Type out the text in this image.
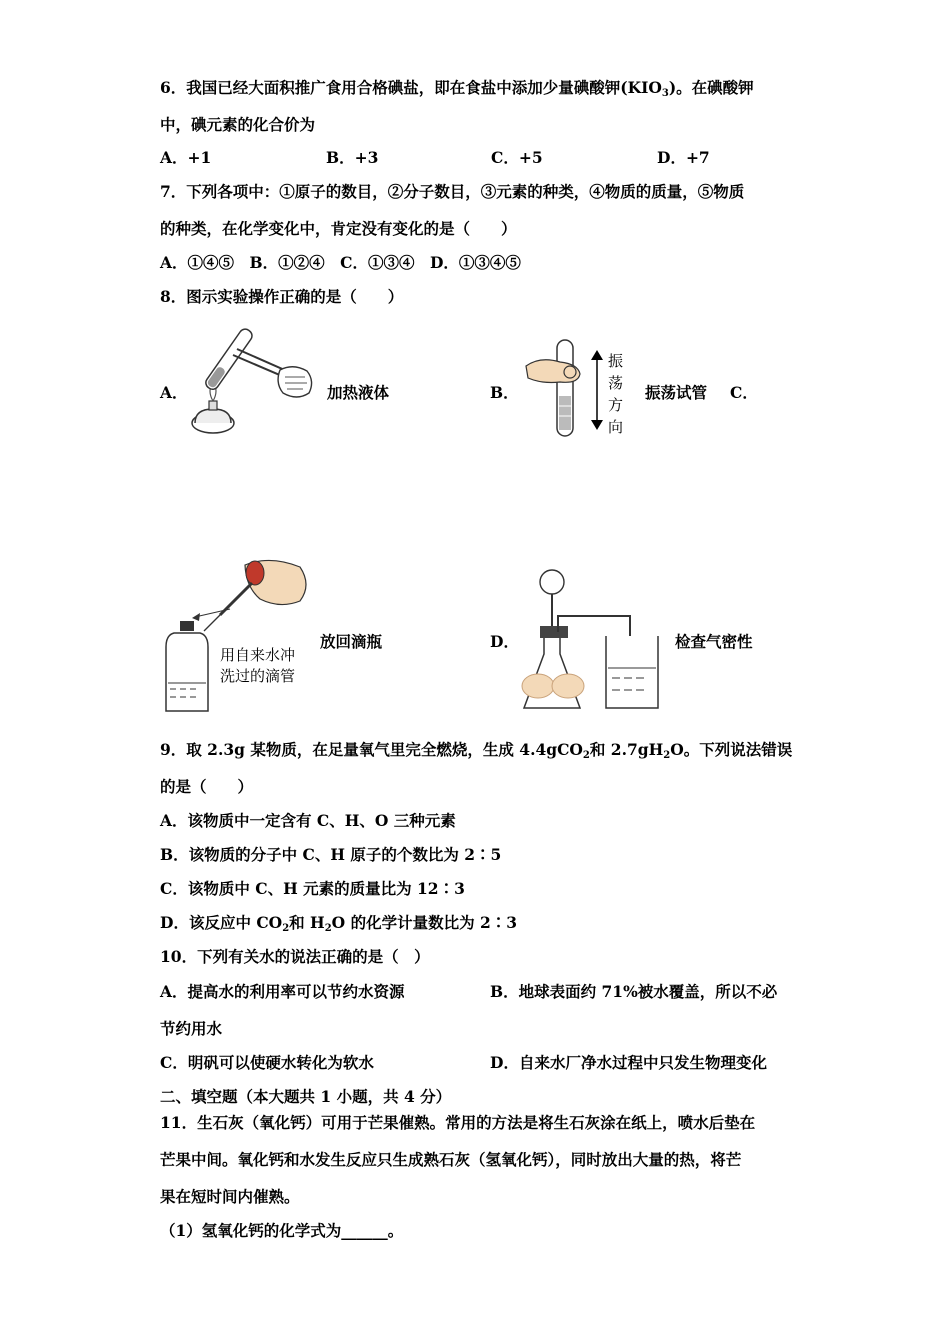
6．我国已经大面积推广食用合格碘盐，即在食盐中添加少量碘酸钾$(KIO_3)$。在碘酸钾
中，碘元素的化合价为
A．+1	B．+3	C．+5	D．+7
7．下列各项中：①原子的数目，②分子数目，③元素的种类，④物质的质量，⑤物质
的种类，在化学变化中，肯定没有变化的是（　　）
A．①④⑤　B．①②④　C．①③④　D．①③④⑤
8．图示实验操作正确的是（　　）
A．	加热液体	B．
振
荡
方
向
振荡试管 C．
用自来水冲
洗过的滴管
放回滴瓶	D．	检查气密性
9．取 2.3g 某物质，在足量氧气里完全燃烧，生成 4.4gCO$_2$和 $2.7gH_2O$。下列说法错误
的是（　　）
A．该物质中一定含有 C、H、O 三种元素
B．该物质的分子中 C、H 原子的个数比为 2∶5
C．该物质中 C、H 元素的质量比为 12∶3
D．该反应中 $CO_2$和 $H_2O$ 的化学计量数比为 2∶3
10．下列有关水的说法正确的是（　）
A．提高水的利用率可以节约水资源	B．地球表面约 71%被水覆盖，所以不必
节约用水
C．明矾可以使硬水转化为软水	D．自来水厂净水过程中只发生物理变化
二、填空题（本大题共 1 小题，共 4 分）
11．生石灰（氧化钙）可用于芒果催熟。常用的方法是将生石灰涂在纸上，喷水后垫在
芒果中间。氧化钙和水发生反应只生成熟石灰（氢氧化钙），同时放出大量的热，将芒
果在短时间内催熟。
（1）氢氧化钙的化学式为______。
